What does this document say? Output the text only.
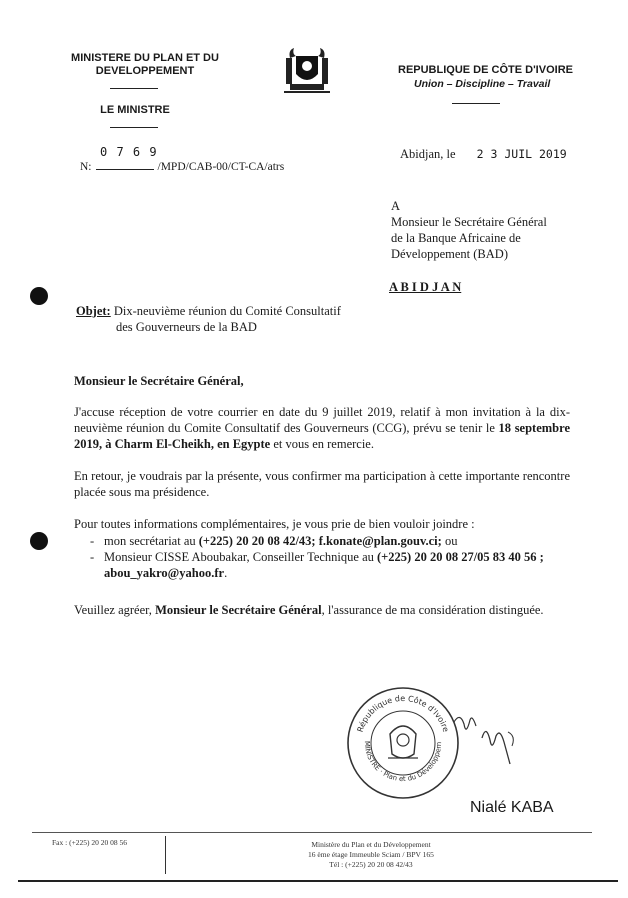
MINISTERE DU PLAN ET DU
DEVELOPPEMENT
LE MINISTRE
REPUBLIQUE DE CÔTE D'IVOIRE
Union – Discipline – Travail
0 7 6 9
N:	/MPD/CAB-00/CT-CA/atrs
Abidjan, le 2 3 JUIL 2019
A
Monsieur le Secrétaire Général
de la Banque Africaine de
Développement (BAD)
A B I D J A N
Objet: Dix-neuvième réunion du Comité Consultatif
des Gouverneurs de la BAD
Monsieur le Secrétaire Général,
J'accuse réception de votre courrier en date du 9 juillet 2019, relatif à mon invitation à la dix-neuvième réunion du Comite Consultatif des Gouverneurs (CCG), prévu se tenir le 18 septembre 2019, à Charm El-Cheikh, en Egypte et vous en remercie.
En retour, je voudrais par la présente, vous confirmer ma participation à cette importante rencontre placée sous ma présidence.
Pour toutes informations complémentaires, je vous prie de bien vouloir joindre :
- mon secrétariat au (+225) 20 20 08 42/43; f.konate@plan.gouv.ci; ou
- Monsieur CISSE Aboubakar, Conseiller Technique au (+225) 20 20 08 27/05 83 40 56 ; abou_yakro@yahoo.fr.
Veuillez agréer, Monsieur le Secrétaire Général, l'assurance de ma considération distinguée.
République de Côte d'Ivoire
MINISTRE · Plan et du Développem
Nialé KABA
Fax : (+225) 20 20 08 56	Ministère du Plan et du Développement
16 ème étage Immeuble Sciam / BPV 165
Tél : (+225) 20 20 08 42/43
